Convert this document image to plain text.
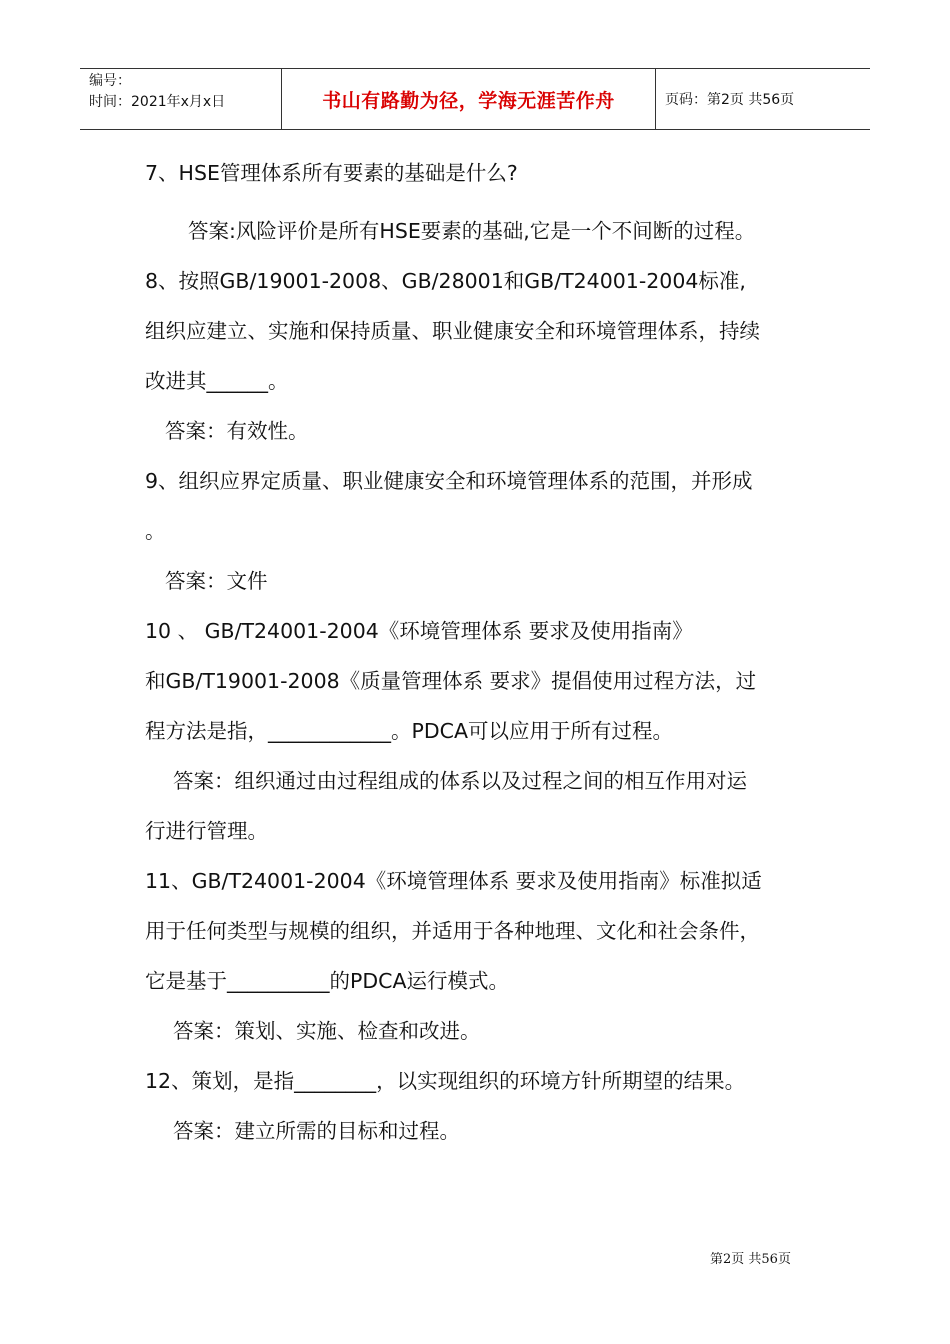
编号：
时间：2021年x月x日	书山有路勤为径，学海无涯苦作舟	页码：第2页 共56页
7、HSE管理体系所有要素的基础是什么?
答案:风险评价是所有HSE要素的基础,它是一个不间断的过程。
8、按照GB/19001-2008、GB/28001和GB/T24001-2004标准,
组织应建立、实施和保持质量、职业健康安全和环境管理体系，持续
改进其______。
答案：有效性。
9、组织应界定质量、职业健康安全和环境管理体系的范围，并形成
。
答案：文件
10 、 GB/T24001-2004《环境管理体系 要求及使用指南》
和GB/T19001-2008《质量管理体系 要求》提倡使用过程方法，过
程方法是指，____________。PDCA可以应用于所有过程。
答案：组织通过由过程组成的体系以及过程之间的相互作用对运
行进行管理。
11、GB/T24001-2004《环境管理体系 要求及使用指南》标准拟适
用于任何类型与规模的组织，并适用于各种地理、文化和社会条件，
它是基于__________的PDCA运行模式。
答案：策划、实施、检查和改进。
12、策划，是指________，以实现组织的环境方针所期望的结果。
答案：建立所需的目标和过程。
第2页 共56页
